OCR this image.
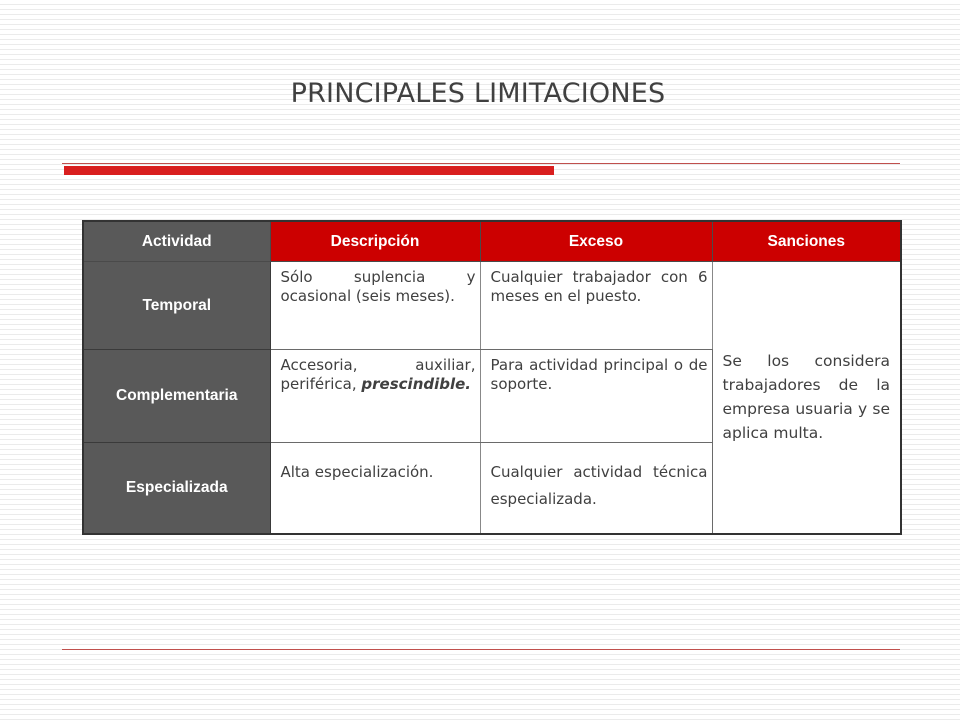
PRINCIPALES LIMITACIONES
Actividad	Descripción	Exceso	Sanciones
Temporal	Sólo suplencia y ocasional (seis meses).	Cualquier trabajador con 6 meses en el puesto.	Se los considera trabajadores de la empresa usuaria y se aplica multa.
Complementaria	Accesoria, auxiliar, periférica, prescindible.	Para actividad principal o de soporte.	
Especializada	Alta especialización.	Cualquier actividad técnica especializada.	
